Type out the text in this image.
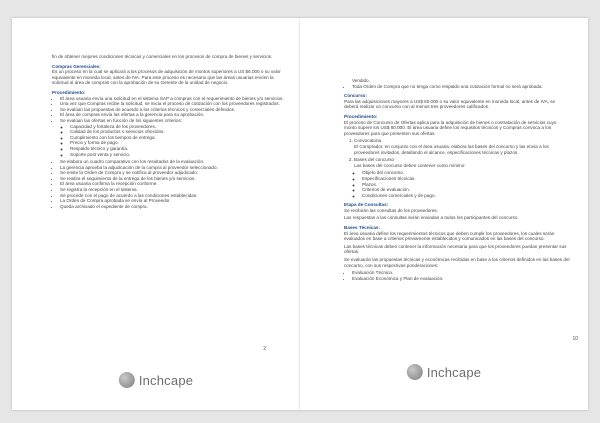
fin de obtener mejores condiciones técnicas y comerciales en los procesos de compra de bienes y servicios.
Compras Gerenciales:
Es un proceso en la cual se aplicará a los procesos de adquisición de montos superiores a US $6.000 o su valor equivalente en moneda local, antes de IVA. Para este proceso es necesario que las áreas usuarias envíen la solicitud al área de compras con la aprobación de su Gerente de la unidad de negocio.
Procedimiento:
• El área usuaria envía una solicitud en el sistema SAP a compras con el requerimiento de bienes y/o servicios.
• Una vez que Compras recibe la solicitud, se inicia el proceso de cotización con los proveedores registrados.
• Se evalúan las propuestas de acuerdo a los criterios técnicos y comerciales definidos.
• El área de compras envía las ofertas a la gerencia para su aprobación.
• Se evalúan las ofertas en función de los siguientes criterios:
◦ Capacidad y fortaleza de los proveedores.
◦ Calidad de los productos o servicios ofrecidos.
◦ Cumplimiento con los tiempos de entrega.
◦ Precio y forma de pago.
◦ Respaldo técnico y garantía.
◦ Soporte post venta y servicio.
• Se elabora un cuadro comparativo con los resultados de la evaluación.
• La gerencia aprueba la adjudicación de la compra al proveedor seleccionado.
• Se emite la Orden de Compra y se notifica al proveedor adjudicado.
• Se realiza el seguimiento de la entrega de los bienes y/o servicios.
• El área usuaria confirma la recepción conforme.
• Se registra la recepción en el sistema.
• Se procede con el pago de acuerdo a las condiciones establecidas.
• La Orden de Compra aprobada se envía al Proveedor.
• Queda archivado el expediente de compra.
2
Inchcape
Vendido.
• Toda Orden de Compra que no tenga como respaldo una cotización formal no será aprobada.
Concurso:
Para las adquisiciones mayores a US$ 60.000 o su valor equivalente en moneda local, antes de IVA, se deberá realizar un concurso con al menos tres proveedores calificados.
Procedimiento:
El proceso de Concurso de Ofertas aplica para la adquisición de bienes o contratación de servicios cuyo monto supere los US$ 60.000. El área usuaria define los requisitos técnicos y Compras convoca a los proveedores para que presenten sus ofertas.
1. Convocatoria
El Comprador, en conjunto con el área usuaria, elabora las bases del concurso y las envía a los proveedores invitados, detallando el alcance, especificaciones técnicas y plazos.
2. Bases del concurso
Las bases del concurso deben contener como mínimo:
◦ Objeto del concurso.
◦ Especificaciones técnicas.
◦ Plazos.
◦ Criterios de evaluación.
◦ Condiciones comerciales y de pago.
Etapa de Consultas:
Se recibirán las consultas de los proveedores.
Las respuestas a las consultas serán enviadas a todos los participantes del concurso.
Bases Técnicas:
El área usuaria define los requerimientos técnicos que deben cumplir los proveedores, los cuales serán evaluados en base a criterios previamente establecidos y comunicados en las bases del concurso.
Las bases técnicas deben contener la información necesaria para que los proveedores puedan presentar sus ofertas.
Se evaluarán las propuestas técnicas y económicas recibidas en base a los criterios definidos en las bases del concurso, con sus respectivas ponderaciones:
• Evaluación Técnica.
• Evaluación Económica y Plan de evaluación.
10
Inchcape
